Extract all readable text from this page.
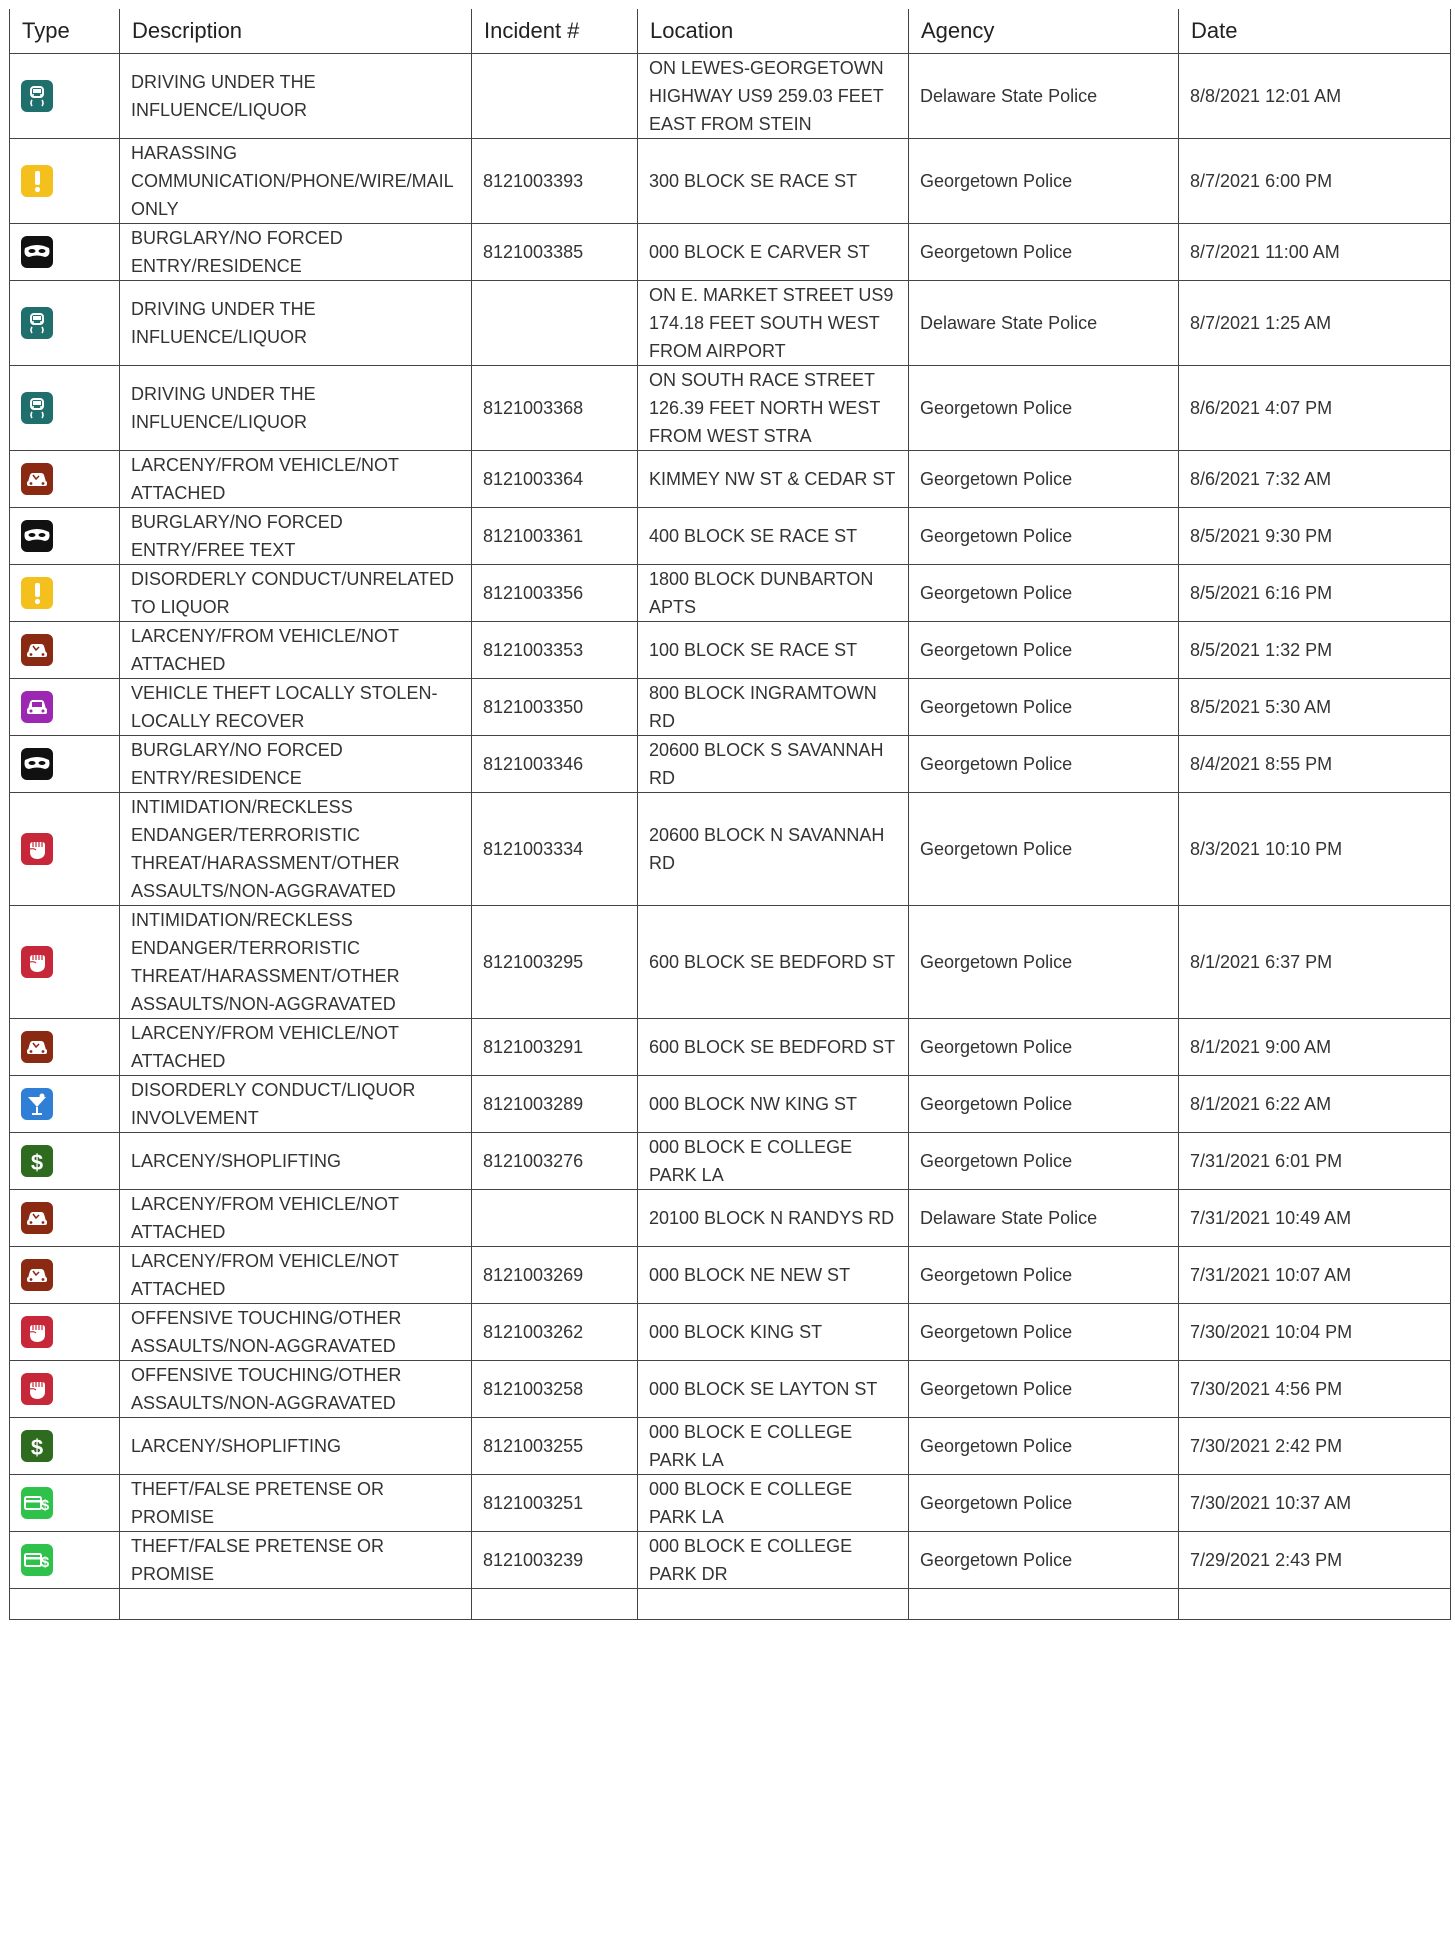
Type	Description	Incident #	Location	Agency	Date

	DRIVING UNDER THE INFLUENCE/LIQUOR		ON LEWES-GEORGETOWN HIGHWAY US9 259.03 FEET EAST FROM STEIN	Delaware State Police	8/8/2021 12:01 AM

	HARASSING COMMUNICATION/PHONE/WIRE/MAIL ONLY	8121003393	300 BLOCK SE RACE ST	Georgetown Police	8/7/2021 6:00 PM

	BURGLARY/NO FORCED ENTRY/RESIDENCE	8121003385	000 BLOCK E CARVER ST	Georgetown Police	8/7/2021 11:00 AM

	DRIVING UNDER THE INFLUENCE/LIQUOR		ON E. MARKET STREET US9 174.18 FEET SOUTH WEST FROM AIRPORT	Delaware State Police	8/7/2021 1:25 AM

	DRIVING UNDER THE INFLUENCE/LIQUOR	8121003368	ON SOUTH RACE STREET 126.39 FEET NORTH WEST FROM WEST STRA	Georgetown Police	8/6/2021 4:07 PM

	LARCENY/FROM VEHICLE/NOT ATTACHED	8121003364	KIMMEY NW ST & CEDAR ST	Georgetown Police	8/6/2021 7:32 AM

	BURGLARY/NO FORCED ENTRY/FREE TEXT	8121003361	400 BLOCK SE RACE ST	Georgetown Police	8/5/2021 9:30 PM

	DISORDERLY CONDUCT/UNRELATED TO LIQUOR	8121003356	1800 BLOCK DUNBARTON APTS	Georgetown Police	8/5/2021 6:16 PM

	LARCENY/FROM VEHICLE/NOT ATTACHED	8121003353	100 BLOCK SE RACE ST	Georgetown Police	8/5/2021 1:32 PM

	VEHICLE THEFT LOCALLY STOLEN-LOCALLY RECOVER	8121003350	800 BLOCK INGRAMTOWN RD	Georgetown Police	8/5/2021 5:30 AM

	BURGLARY/NO FORCED ENTRY/RESIDENCE	8121003346	20600 BLOCK S SAVANNAH RD	Georgetown Police	8/4/2021 8:55 PM

	INTIMIDATION/RECKLESS ENDANGER/TERRORISTIC THREAT/HARASSMENT/OTHER ASSAULTS/NON-AGGRAVATED	8121003334	20600 BLOCK N SAVANNAH RD	Georgetown Police	8/3/2021 10:10 PM

	INTIMIDATION/RECKLESS ENDANGER/TERRORISTIC THREAT/HARASSMENT/OTHER ASSAULTS/NON-AGGRAVATED	8121003295	600 BLOCK SE BEDFORD ST	Georgetown Police	8/1/2021 6:37 PM

	LARCENY/FROM VEHICLE/NOT ATTACHED	8121003291	600 BLOCK SE BEDFORD ST	Georgetown Police	8/1/2021 9:00 AM

	DISORDERLY CONDUCT/LIQUOR INVOLVEMENT	8121003289	000 BLOCK NW KING ST	Georgetown Police	8/1/2021 6:22 AM

$	LARCENY/SHOPLIFTING	8121003276	000 BLOCK E COLLEGE PARK LA	Georgetown Police	7/31/2021 6:01 PM

	LARCENY/FROM VEHICLE/NOT ATTACHED		20100 BLOCK N RANDYS RD	Delaware State Police	7/31/2021 10:49 AM

	LARCENY/FROM VEHICLE/NOT ATTACHED	8121003269	000 BLOCK NE NEW ST	Georgetown Police	7/31/2021 10:07 AM

	OFFENSIVE TOUCHING/OTHER ASSAULTS/NON-AGGRAVATED	8121003262	000 BLOCK KING ST	Georgetown Police	7/30/2021 10:04 PM

	OFFENSIVE TOUCHING/OTHER ASSAULTS/NON-AGGRAVATED	8121003258	000 BLOCK SE LAYTON ST	Georgetown Police	7/30/2021 4:56 PM

$	LARCENY/SHOPLIFTING	8121003255	000 BLOCK E COLLEGE PARK LA	Georgetown Police	7/30/2021 2:42 PM

$	THEFT/FALSE PRETENSE OR PROMISE	8121003251	000 BLOCK E COLLEGE PARK LA	Georgetown Police	7/30/2021 10:37 AM

$	THEFT/FALSE PRETENSE OR PROMISE	8121003239	000 BLOCK E COLLEGE PARK DR	Georgetown Police	7/29/2021 2:43 PM
